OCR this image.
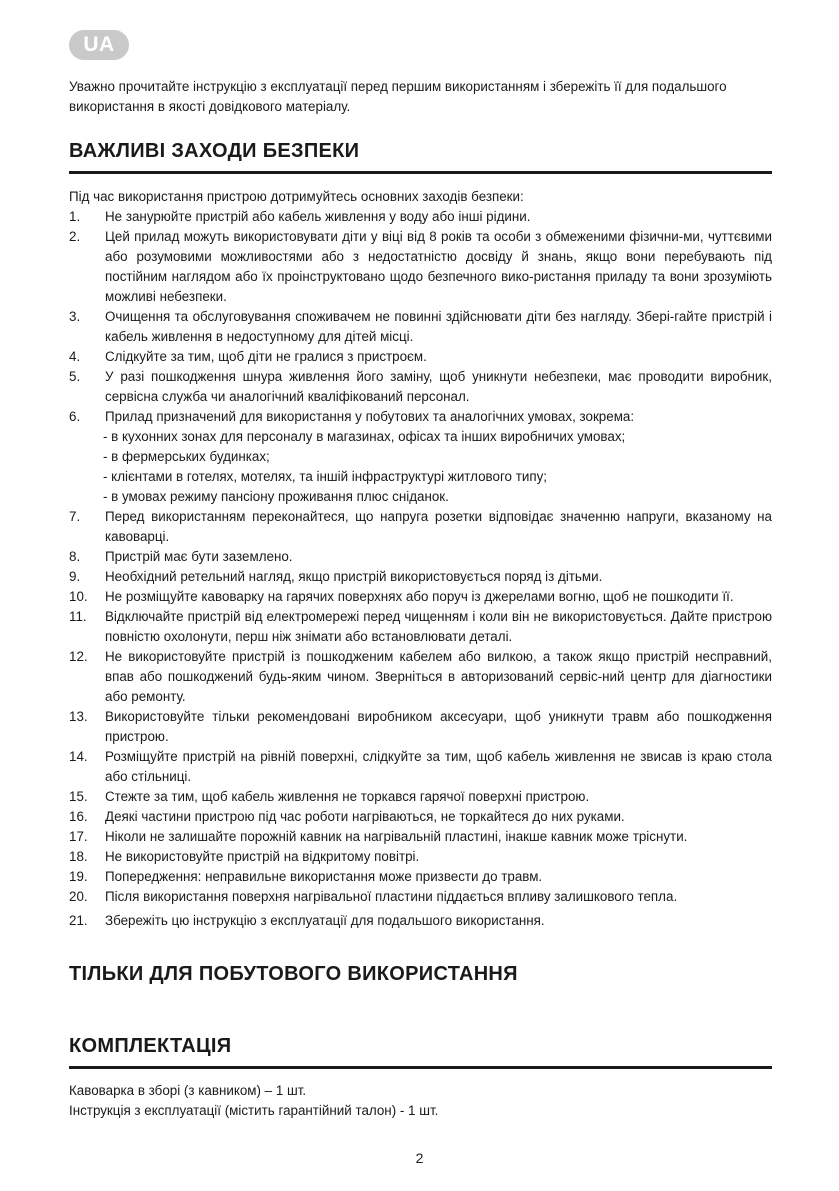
UA

Уважно прочитайте інструкцію з експлуатації перед першим використанням і збережіть її для подальшого використання в якості довідкового матеріалу.

ВАЖЛИВІ ЗАХОДИ БЕЗПЕКИ

Під час використання пристрою дотримуйтесь основних заходів безпеки:

1. Не занурюйте пристрій або кабель живлення у воду або інші рідини.
2. Цей прилад можуть використовувати діти у віці від 8 років та особи з обмеженими фізични-ми, чуттєвими або розумовими можливостями або з недостатністю досвіду й знань, якщо вони перебувають під постійним наглядом або їх проінструктовано щодо безпечного вико-ристання приладу та вони зрозуміють можливі небезпеки.
3. Очищення та обслуговування споживачем не повинні здійснювати діти без нагляду. Збері-гайте пристрій і кабель живлення в недоступному для дітей місці.
4. Слідкуйте за тим, щоб діти не гралися з пристроєм.
5. У разі пошкодження шнура живлення його заміну, щоб уникнути небезпеки, має проводити виробник, сервісна служба чи аналогічний кваліфікований персонал.
6. Прилад призначений для використання у побутових та аналогічних умовах, зокрема:
- в кухонних зонах для персоналу в магазинах, офісах та інших виробничих умовах;
- в фермерських будинках;
- клієнтами в готелях, мотелях, та іншій інфраструктурі житлового типу;
- в умовах режиму пансіону проживання плюс сніданок.
7. Перед використанням переконайтеся, що напруга розетки відповідає значенню напруги, вказаному на кавоварці.
8. Пристрій має бути заземлено.
9. Необхідний ретельний нагляд, якщо пристрій використовується поряд із дітьми.
10. Не розміщуйте кавоварку на гарячих поверхнях або поруч із джерелами вогню, щоб не пошкодити її.
11. Відключайте пристрій від електромережі перед чищенням і коли він не використовується. Дайте пристрою повністю охолонути, перш ніж знімати або встановлювати деталі.
12. Не використовуйте пристрій із пошкодженим кабелем або вилкою, а також якщо пристрій несправний, впав або пошкоджений будь-яким чином. Зверніться в авторизований сервіс-ний центр для діагностики або ремонту.
13. Використовуйте тільки рекомендовані виробником аксесуари, щоб уникнути травм або пошкодження пристрою.
14. Розміщуйте пристрій на рівній поверхні, слідкуйте за тим, щоб кабель живлення не звисав із краю стола або стільниці.
15. Стежте за тим, щоб кабель живлення не торкався гарячої поверхні пристрою.
16. Деякі частини пристрою під час роботи нагріваються, не торкайтеся до них руками.
17. Ніколи не залишайте порожній кавник на нагрівальній пластині, інакше кавник може тріснути.
18. Не використовуйте пристрій на відкритому повітрі.
19. Попередження: неправильне використання може призвести до травм.
20. Після використання поверхня нагрівальної пластини піддається впливу залишкового тепла.
21. Збережіть цю інструкцію з експлуатації для подальшого використання.
ТІЛЬКИ ДЛЯ ПОБУТОВОГО ВИКОРИСТАННЯ
КОМПЛЕКТАЦІЯ

Кавоварка в зборі (з кавником) – 1 шт.

Інструкція з експлуатації (містить гарантійний талон) - 1 шт.

2
